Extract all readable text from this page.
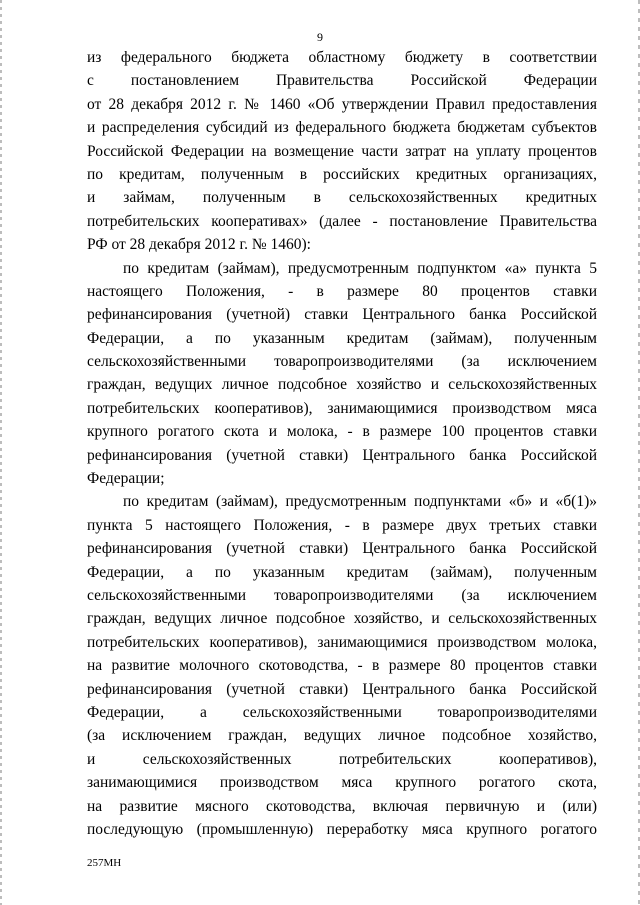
9
из федерального бюджета областному бюджету в соответствии
с постановлением Правительства Российской Федерации
от 28 декабря 2012 г. № 1460 «Об утверждении Правил предоставления
и распределения субсидий из федерального бюджета бюджетам субъектов
Российской Федерации на возмещение части затрат на уплату процентов
по кредитам, полученным в российских кредитных организациях,
и займам, полученным в сельскохозяйственных кредитных
потребительских кооперативах» (далее - постановление Правительства
РФ от 28 декабря 2012 г. № 1460):
по кредитам (займам), предусмотренным подпунктом «а» пункта 5
настоящего Положения, - в размере 80 процентов ставки
рефинансирования (учетной) ставки Центрального банка Российской
Федерации, а по указанным кредитам (займам), полученным
сельскохозяйственными товаропроизводителями (за исключением
граждан, ведущих личное подсобное хозяйство и сельскохозяйственных
потребительских кооперативов), занимающимися производством мяса
крупного рогатого скота и молока, - в размере 100 процентов ставки
рефинансирования (учетной ставки) Центрального банка Российской
Федерации;
по кредитам (займам), предусмотренным подпунктами «б» и «б(1)»
пункта 5 настоящего Положения, - в размере двух третьих ставки
рефинансирования (учетной ставки) Центрального банка Российской
Федерации, а по указанным кредитам (займам), полученным
сельскохозяйственными товаропроизводителями (за исключением
граждан, ведущих личное подсобное хозяйство, и сельскохозяйственных
потребительских кооперативов), занимающимися производством молока,
на развитие молочного скотоводства, - в размере 80 процентов ставки
рефинансирования (учетной ставки) Центрального банка Российской
Федерации, а сельскохозяйственными товаропроизводителями
(за исключением граждан, ведущих личное подсобное хозяйство,
и сельскохозяйственных потребительских кооперативов),
занимающимися производством мяса крупного рогатого скота,
на развитие мясного скотоводства, включая первичную и (или)
последующую (промышленную) переработку мяса крупного рогатого
257МН
